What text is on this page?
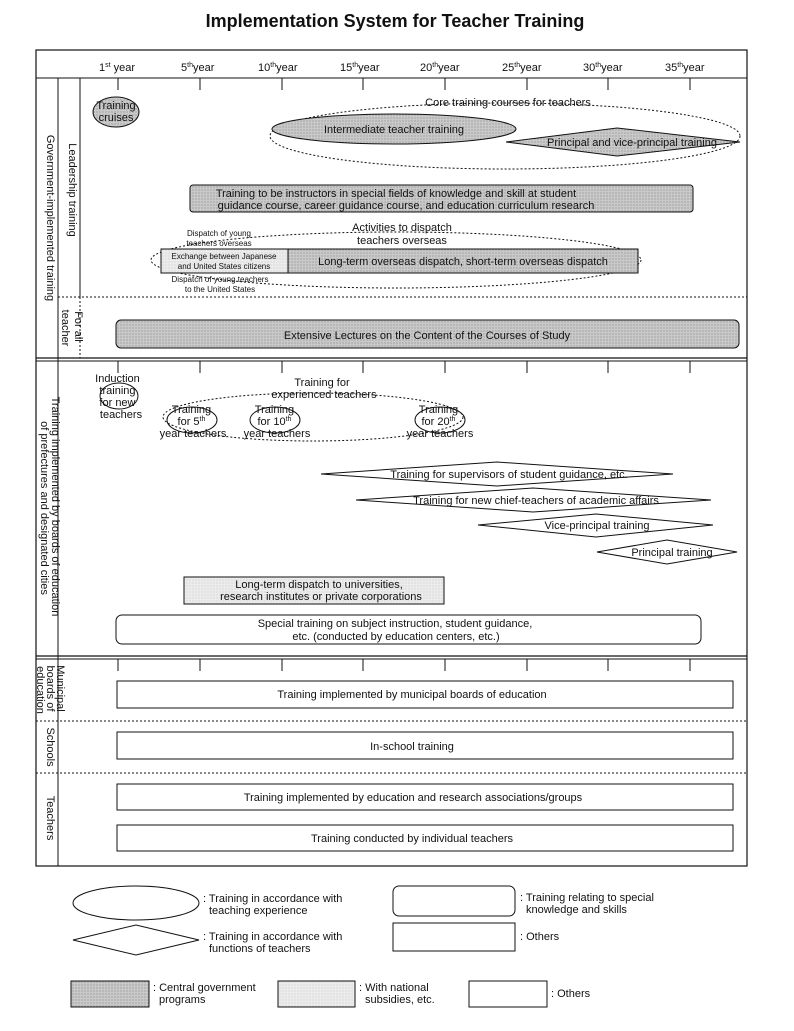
Implementation System for Teacher Training
1st year	5thyear	10thyear	15thyear	20thyear	25thyear	30thyear	35thyear
Government-implemented training Leadership training
For all teacher
Training implemented by boards of education of prefectures and designated cities
Municipal boards of education
Schools
Teachers
Training cruises
Core training courses for teachers
Intermediate teacher training
Principal and vice-principal training
Training to be instructors in special fields of knowledge and skill at student guidance course, career guidance course, and education curriculum research
Activities to dispatch teachers overseas
Dispatch of young teachers overseas
Exchange between Japanese and United States citizens	Long-term overseas dispatch, short-term overseas dispatch
Dispatch of young teachers to the United States
Extensive Lectures on the Content of the Courses of Study
Induction training for new teachers
Training for experienced teachers
Training for 5th year teachers
Training for 10th year teachers
Training for 20th year teachers
Training for supervisors of student guidance, etc.
Training for new chief-teachers of academic affairs
Vice-principal training
Principal training
Long-term dispatch to universities, research institutes or private corporations
Special training on subject instruction, student guidance, etc. (conducted by education centers, etc.)
Training implemented by municipal boards of education
In-school training
Training implemented by education and research associations/groups
Training conducted by individual teachers
: Training in accordance with teaching experience
: Training relating to special knowledge and skills
: Training in accordance with functions of teachers
: Others
: Central government programs
: With national subsidies, etc.	: Others
